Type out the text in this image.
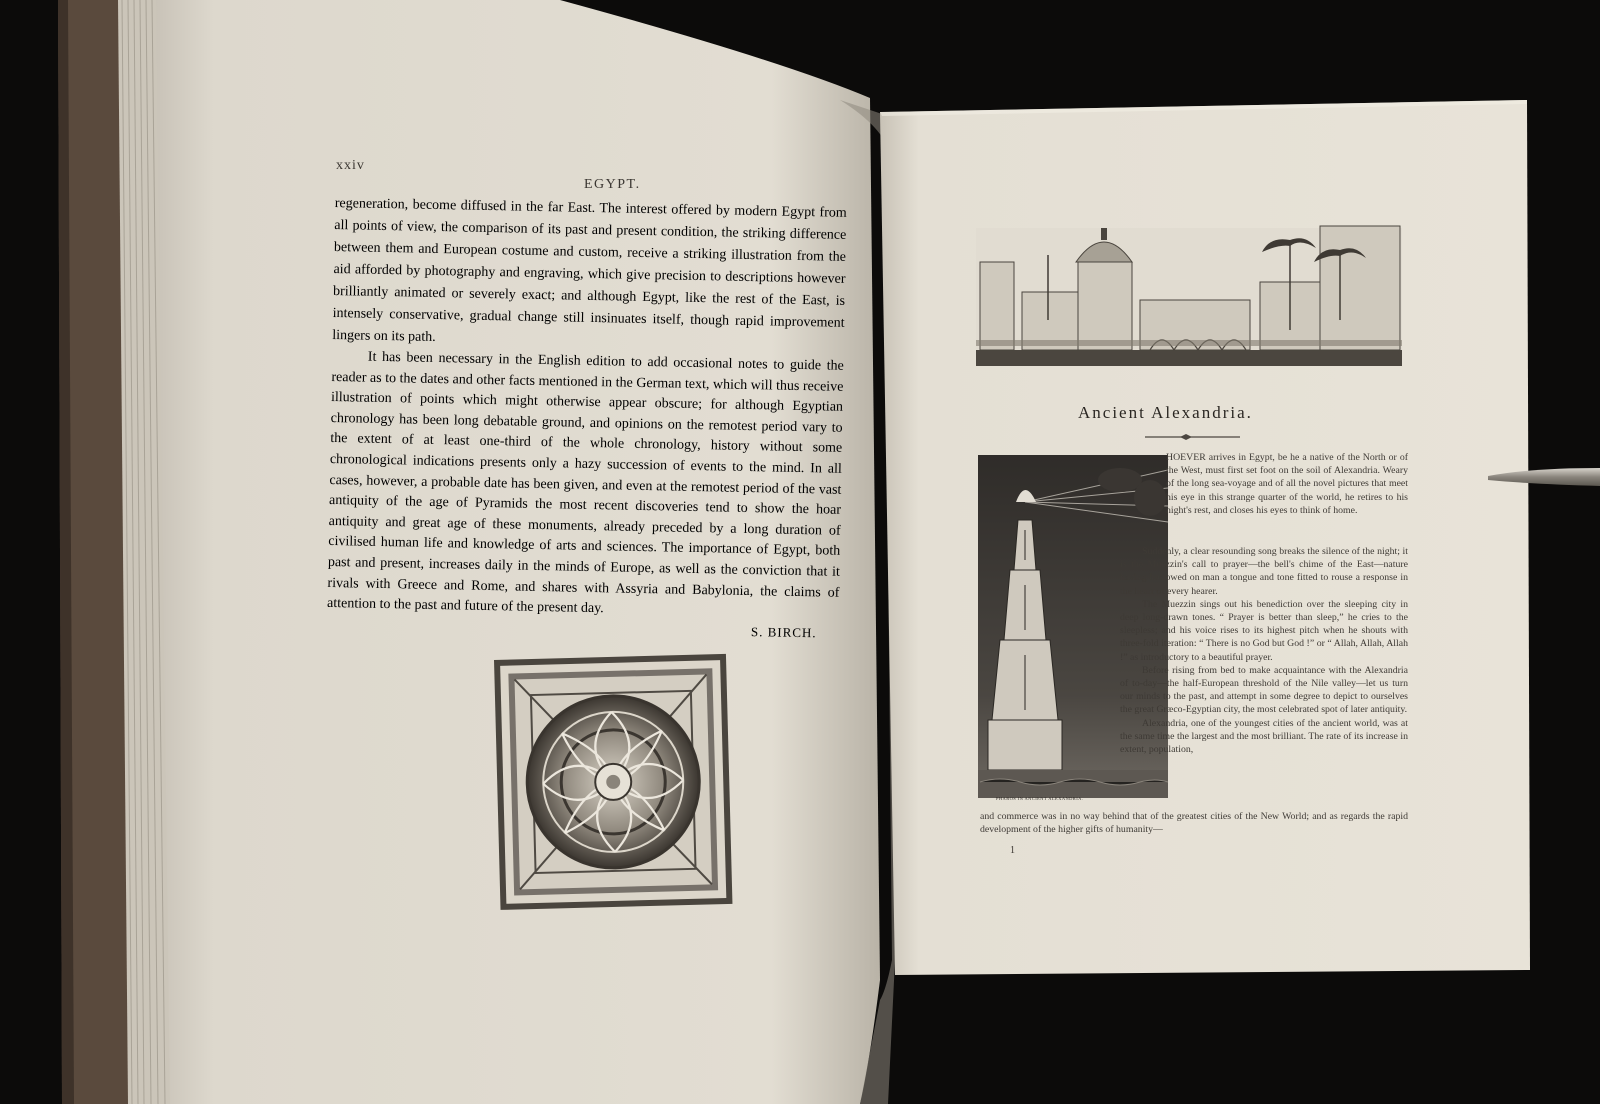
xxiv
EGYPT.
regeneration, become diffused in the far East. The interest offered by modern Egypt from all points of view, the comparison of its past and present condition, the striking difference between them and European costume and custom, receive a striking illustration from the aid afforded by photography and engraving, which give precision to descriptions however brilliantly animated or severely exact; and although Egypt, like the rest of the East, is intensely conservative, gradual change still insinuates itself, though rapid improvement lingers on its path.
It has been necessary in the English edition to add occasional notes to guide the reader as to the dates and other facts mentioned in the German text, which will thus receive illustration of points which might otherwise appear obscure; for although Egyptian chronology has been long debatable ground, and opinions on the remotest period vary to the extent of at least one-third of the whole chronology, history without some chronological indications presents only a hazy succession of events to the mind. In all cases, however, a probable date has been given, and even at the remotest period of the vast antiquity of the age of Pyramids the most recent discoveries tend to show the hoar antiquity and great age of these monuments, already preceded by a long duration of civilised human life and knowledge of arts and sciences. The importance of Egypt, both past and present, increases daily in the minds of Europe, as well as the conviction that it rivals with Greece and Rome, and shares with Assyria and Babylonia, the claims of attention to the past and future of the present day.
S. BIRCH.
Ancient Alexandria.
HOEVER arrives in Egypt, be he a native of the North or of the West, must first set foot on the soil of Alexandria. Weary of the long sea-voyage and of all the novel pictures that meet his eye in this strange quarter of the world, he retires to his night's rest, and closes his eyes to think of home.

Suddenly, a clear resounding song breaks the silence of the night; it is the Muezzin's call to prayer—the bell's chime of the East—nature having bestowed on man a tongue and tone fitted to rouse a response in the heart of every hearer.

The Muezzin sings out his benediction over the sleeping city in deep long-drawn tones. “ Prayer is better than sleep,” he cries to the sleepless; and his voice rises to its highest pitch when he shouts with three-fold iteration: “ There is no God but God !” or “ Allah, Allah, Allah !” as introductory to a beautiful prayer.

Before rising from bed to make acquaintance with the Alexandria of to-day—the half-European threshold of the Nile valley—let us turn our minds to the past, and attempt in some degree to depict to ourselves the great Græco-Egyptian city, the most celebrated spot of later antiquity.

Alexandria, one of the youngest cities of the ancient world, was at the same time the largest and the most brilliant. The rate of its increase in extent, population,

and commerce was in no way behind that of the greatest cities of the New World; and as regards the rapid development of the higher gifts of humanity—
PHAROS IN ANCIENT ALEXANDRIA.
1
